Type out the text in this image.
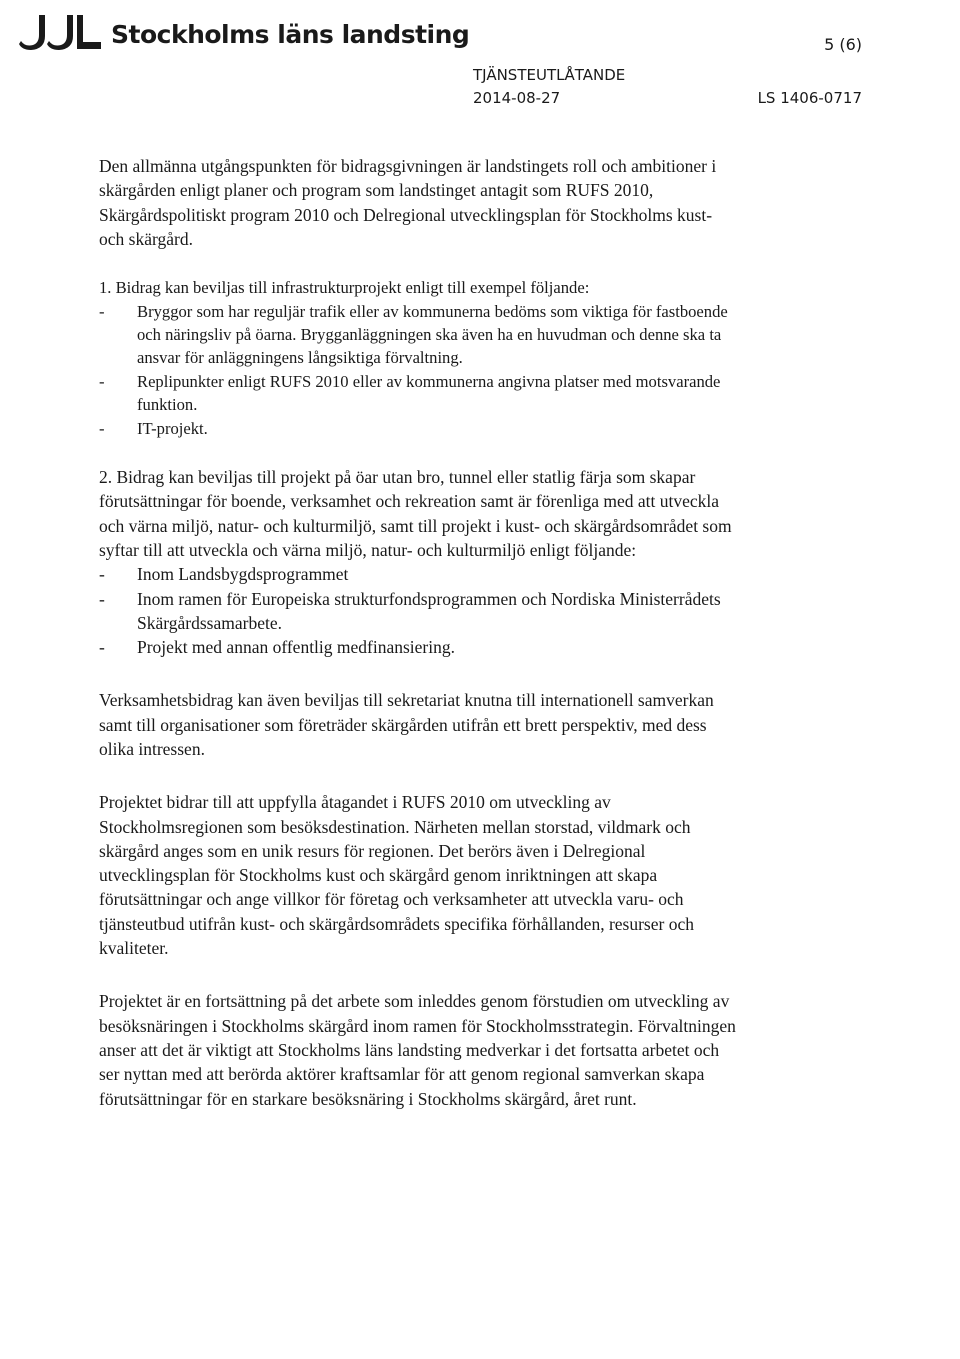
Stockholms läns landsting	5 (6)
TJÄNSTEUTLÅTANDE
2014-08-27	LS 1406-0717

Den allmänna utgångspunkten för bidragsgivningen är landstingets roll och ambitioner i skärgården enligt planer och program som landstinget antagit som RUFS 2010, Skärgårdspolitiskt program 2010 och Delregional utvecklingsplan för Stockholms kust- och skärgård.

1. Bidrag kan beviljas till infrastrukturprojekt enligt till exempel följande:

-	Bryggor som har reguljär trafik eller av kommunerna bedöms som viktiga för fastboende och näringsliv på öarna. Brygganläggningen ska även ha en huvudman och denne ska ta ansvar för anläggningens långsiktiga förvaltning.
-	Replipunkter enligt RUFS 2010 eller av kommunerna angivna platser med motsvarande funktion.
-	IT-projekt.

2. Bidrag kan beviljas till projekt på öar utan bro, tunnel eller statlig färja som skapar förutsättningar för boende, verksamhet och rekreation samt är förenliga med att utveckla och värna miljö, natur- och kulturmiljö, samt till projekt i kust- och skärgårdsområdet som syftar till att utveckla och värna miljö, natur- och kulturmiljö enligt följande:

-	Inom Landsbygdsprogrammet
-	Inom ramen för Europeiska strukturfondsprogrammen och Nordiska Ministerrådets Skärgårdssamarbete.
-	Projekt med annan offentlig medfinansiering.

Verksamhetsbidrag kan även beviljas till sekretariat knutna till internationell samverkan samt till organisationer som företräder skärgården utifrån ett brett perspektiv, med dess olika intressen.

Projektet bidrar till att uppfylla åtagandet i RUFS 2010 om utveckling av Stockholmsregionen som besöksdestination. Närheten mellan storstad, vildmark och skärgård anges som en unik resurs för regionen. Det berörs även i Delregional utvecklingsplan för Stockholms kust och skärgård genom inriktningen att skapa förutsättningar och ange villkor för företag och verksamheter att utveckla varu- och tjänsteutbud utifrån kust- och skärgårdsområdets specifika förhållanden, resurser och kvaliteter.

Projektet är en fortsättning på det arbete som inleddes genom förstudien om utveckling av besöksnäringen i Stockholms skärgård inom ramen för Stockholmsstrategin. Förvaltningen anser att det är viktigt att Stockholms läns landsting medverkar i det fortsatta arbetet och ser nyttan med att berörda aktörer kraftsamlar för att genom regional samverkan skapa förutsättningar för en starkare besöksnäring i Stockholms skärgård, året runt.
